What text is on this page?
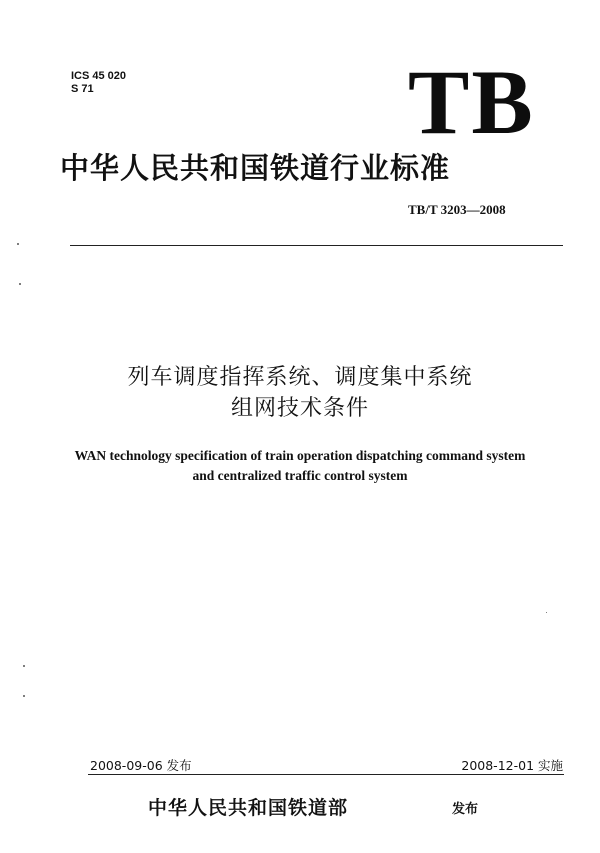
ICS 45 020
S 71	TB
中华人民共和国铁道行业标准
TB/T 3203—2008
列车调度指挥系统、调度集中系统
组网技术条件
WAN technology specification of train operation dispatching command system
and centralized traffic control system
2008-09-06 发布	2008-12-01 实施
中华人民共和国铁道部	发布
